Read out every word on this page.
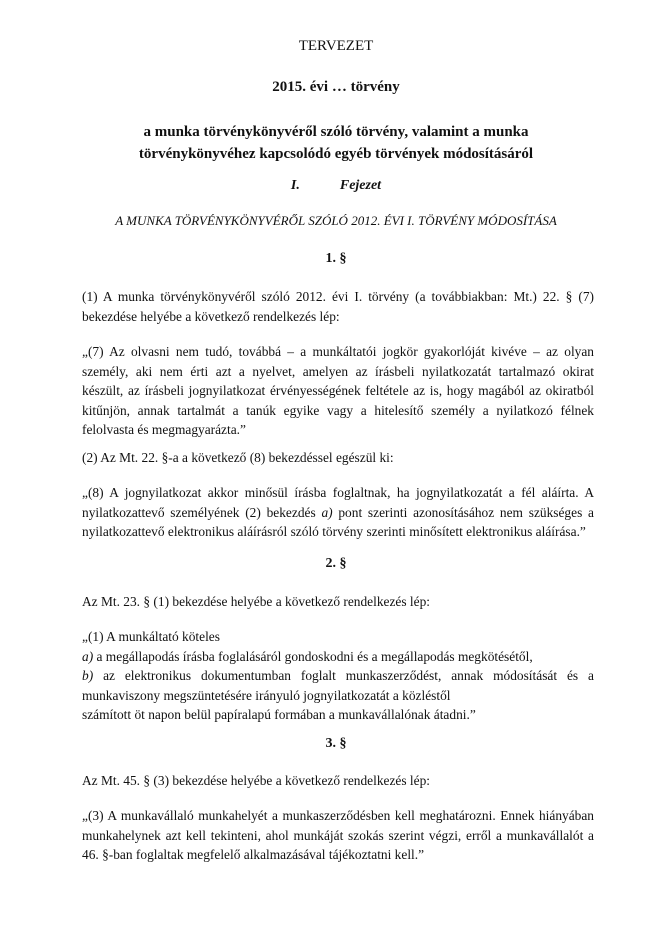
TERVEZET
2015. évi … törvény
a munka törvénykönyvéről szóló törvény, valamint a munka
törvénykönyvéhez kapcsolódó egyéb törvények módosításáról
I.	Fejezet
A MUNKA TÖRVÉNYKÖNYVÉRŐL SZÓLÓ 2012. ÉVI I. TÖRVÉNY MÓDOSÍTÁSA
1. §
(1) A munka törvénykönyvéről szóló 2012. évi I. törvény (a továbbiakban: Mt.) 22. § (7)
bekezdése helyébe a következő rendelkezés lép:
„(7) Az olvasni nem tudó, továbbá – a munkáltatói jogkör gyakorlóját kivéve – az olyan
személy, aki nem érti azt a nyelvet, amelyen az írásbeli nyilatkozatát tartalmazó okirat
készült, az írásbeli jognyilatkozat érvényességének feltétele az is, hogy magából az okiratból
kitűnjön, annak tartalmát a tanúk egyike vagy a hitelesítő személy a nyilatkozó félnek
felolvasta és megmagyarázta.”
(2) Az Mt. 22. §-a a következő (8) bekezdéssel egészül ki:
„(8) A jognyilatkozat akkor minősül írásba foglaltnak, ha jognyilatkozatát a fél aláírta. A
nyilatkozattevő személyének (2) bekezdés a) pont szerinti azonosításához nem szükséges a
nyilatkozattevő elektronikus aláírásról szóló törvény szerinti minősített elektronikus aláírása.”
2. §
Az Mt. 23. § (1) bekezdése helyébe a következő rendelkezés lép:
„(1) A munkáltató köteles
a) a megállapodás írásba foglalásáról gondoskodni és a megállapodás megkötésétől,
b) az elektronikus dokumentumban foglalt munkaszerződést, annak módosítását és a
munkaviszony megszüntetésére irányuló jognyilatkozatát a közléstől
számított öt napon belül papíralapú formában a munkavállalónak átadni.”
3. §
Az Mt. 45. § (3) bekezdése helyébe a következő rendelkezés lép:
„(3) A munkavállaló munkahelyét a munkaszerződésben kell meghatározni. Ennek hiányában
munkahelynek azt kell tekinteni, ahol munkáját szokás szerint végzi, erről a munkavállalót a
46. §-ban foglaltak megfelelő alkalmazásával tájékoztatni kell.”
